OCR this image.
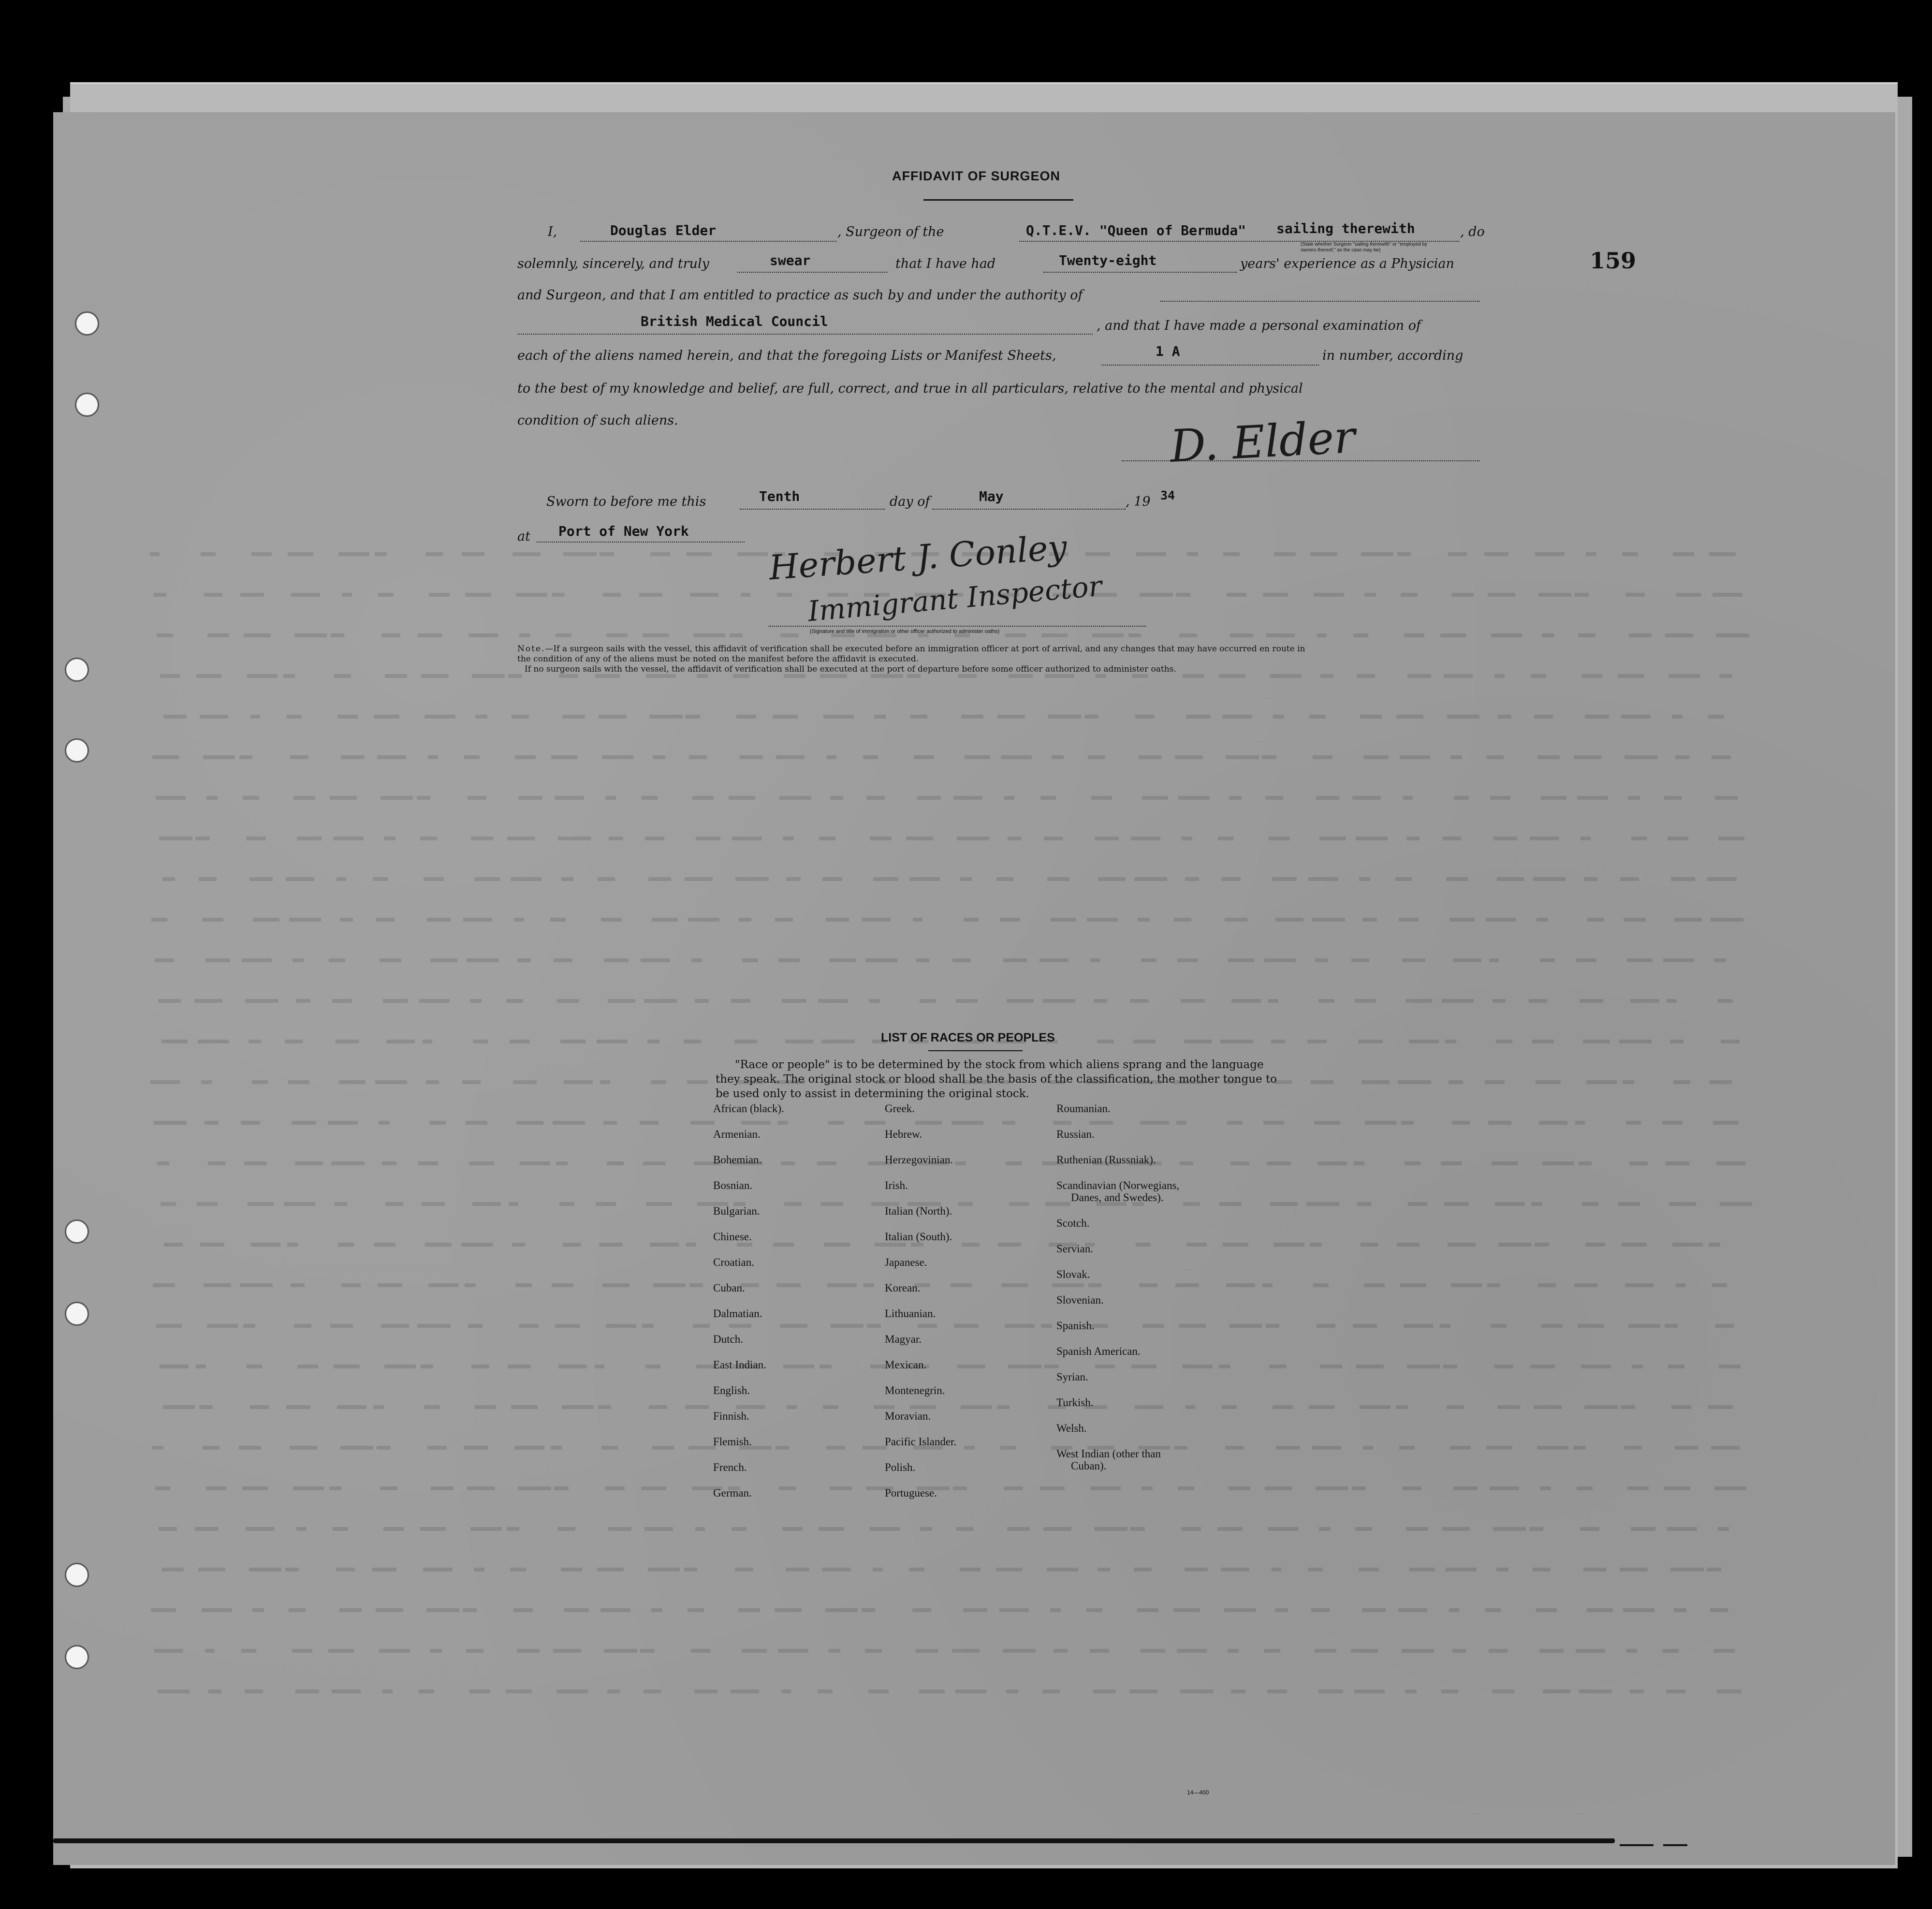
AFFIDAVIT OF SURGEON
159
I,	Douglas Elder	, Surgeon of the	Q.T.E.V. "Queen of Bermuda" sailing therewith	, do
(State whether Surgeon "sailing therewith" or "employed by
owners thereof," as the case may be)
solemnly, sincerely, and truly	swear	that I have had	Twenty-eight	years' experience as a Physician
and Surgeon, and that I am entitled to practice as such by and under the authority of
British Medical Council	, and that I have made a personal examination of
each of the aliens named herein, and that the foregoing Lists or Manifest Sheets,	1 A	in number, according
to the best of my knowledge and belief, are full, correct, and true in all particulars, relative to the mental and physical
condition of such aliens.	D. Elder
Sworn to before me this	Tenth	day of	May	, 19 34
at Port of New York Herbert J. Conley
Immigrant Inspector
(Signature and title of immigration or other officer authorized to administer oaths)
Note.—If a surgeon sails with the vessel, this affidavit of verification shall be executed before an immigration officer at port of arrival, and any changes that may have occurred en route in
the condition of any of the aliens must be noted on the manifest before the affidavit is executed.
If no surgeon sails with the vessel, the affidavit of verification shall be executed at the port of departure before some officer authorized to administer oaths.
LIST OF RACES OR PEOPLES
"Race or people" is to be determined by the stock from which aliens sprang and the language they speak. The original stock or blood shall be the basis of the classification, the mother tongue to be used only to assist in determining the original stock.
African (black).
Armenian.
Bohemian.
Bosnian.
Bulgarian.
Chinese.
Croatian.
Cuban.
Dalmatian.
Dutch.
East Indian.
English.
Finnish.
Flemish.
French.
German.
Greek.
Hebrew.
Herzegovinian.
Irish.
Italian (North).
Italian (South).
Japanese.
Korean.
Lithuanian.
Magyar.
Mexican.
Montenegrin.
Moravian.
Pacific Islander.
Polish.
Portuguese.
Roumanian.
Russian.
Ruthenian (Russniak).
Scandinavian (Norwegians,
Danes, and Swedes).
Scotch.
Servian.
Slovak.
Slovenian.
Spanish.
Spanish American.
Syrian.
Turkish.
Welsh.
West Indian (other than
Cuban).
14—400
